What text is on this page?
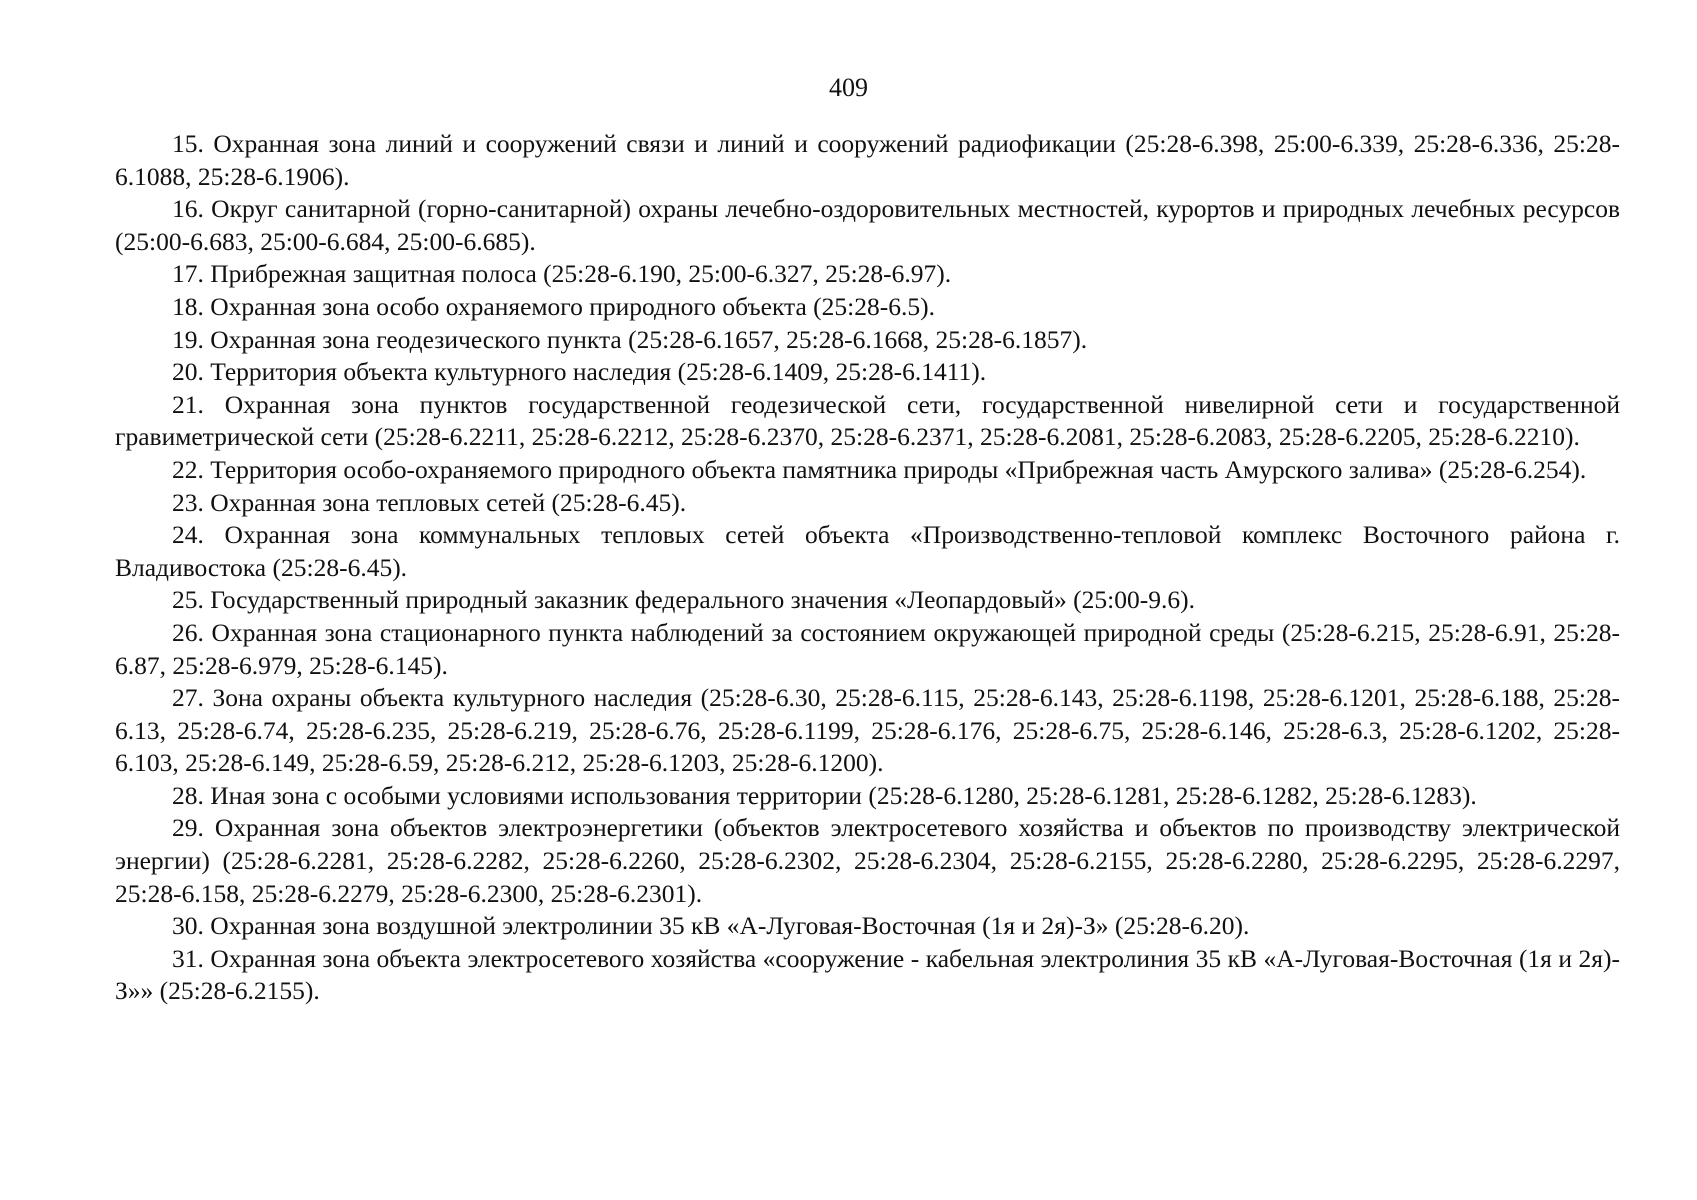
409

15. Охранная зона линий и сооружений связи и линий и сооружений радиофикации (25:28-6.398, 25:00-6.339, 25:28-6.336, 25:28-6.1088, 25:28-6.1906).

16. Округ санитарной (горно-санитарной) охраны лечебно-оздоровительных местностей, курортов и природных лечебных ресурсов (25:00-6.683, 25:00-6.684, 25:00-6.685).

17. Прибрежная защитная полоса (25:28-6.190, 25:00-6.327, 25:28-6.97).

18. Охранная зона особо охраняемого природного объекта (25:28-6.5).

19. Охранная зона геодезического пункта (25:28-6.1657, 25:28-6.1668, 25:28-6.1857).

20. Территория объекта культурного наследия (25:28-6.1409, 25:28-6.1411).

21. Охранная зона пунктов государственной геодезической сети, государственной нивелирной сети и государственной гравиметрической сети (25:28-6.2211, 25:28-6.2212, 25:28-6.2370, 25:28-6.2371, 25:28-6.2081, 25:28-6.2083, 25:28-6.2205, 25:28-6.2210).

22. Территория особо-охраняемого природного объекта памятника природы «Прибрежная часть Амурского залива» (25:28-6.254).

23. Охранная зона тепловых сетей (25:28-6.45).

24. Охранная зона коммунальных тепловых сетей объекта «Производственно-тепловой комплекс Восточного района г. Владивостока (25:28-6.45).

25. Государственный природный заказник федерального значения «Леопардовый» (25:00-9.6).

26. Охранная зона стационарного пункта наблюдений за состоянием окружающей природной среды (25:28-6.215, 25:28-6.91, 25:28-6.87, 25:28-6.979, 25:28-6.145).

27. Зона охраны объекта культурного наследия (25:28-6.30, 25:28-6.115, 25:28-6.143, 25:28-6.1198, 25:28-6.1201, 25:28-6.188, 25:28-6.13, 25:28-6.74, 25:28-6.235, 25:28-6.219, 25:28-6.76, 25:28-6.1199, 25:28-6.176, 25:28-6.75, 25:28-6.146, 25:28-6.3, 25:28-6.1202, 25:28-6.103, 25:28-6.149, 25:28-6.59, 25:28-6.212, 25:28-6.1203, 25:28-6.1200).

28. Иная зона с особыми условиями использования территории (25:28-6.1280, 25:28-6.1281, 25:28-6.1282, 25:28-6.1283).

29. Охранная зона объектов электроэнергетики (объектов электросетевого хозяйства и объектов по производству электрической энергии) (25:28-6.2281, 25:28-6.2282, 25:28-6.2260, 25:28-6.2302, 25:28-6.2304, 25:28-6.2155, 25:28-6.2280, 25:28-6.2295, 25:28-6.2297, 25:28-6.158, 25:28-6.2279, 25:28-6.2300, 25:28-6.2301).

30. Охранная зона воздушной электролинии 35 кВ «А-Луговая-Восточная (1я и 2я)-З» (25:28-6.20).

31. Охранная зона объекта электросетевого хозяйства «сооружение - кабельная электролиния 35 кВ «А-Луговая-Восточная (1я и 2я)-З»» (25:28-6.2155).
